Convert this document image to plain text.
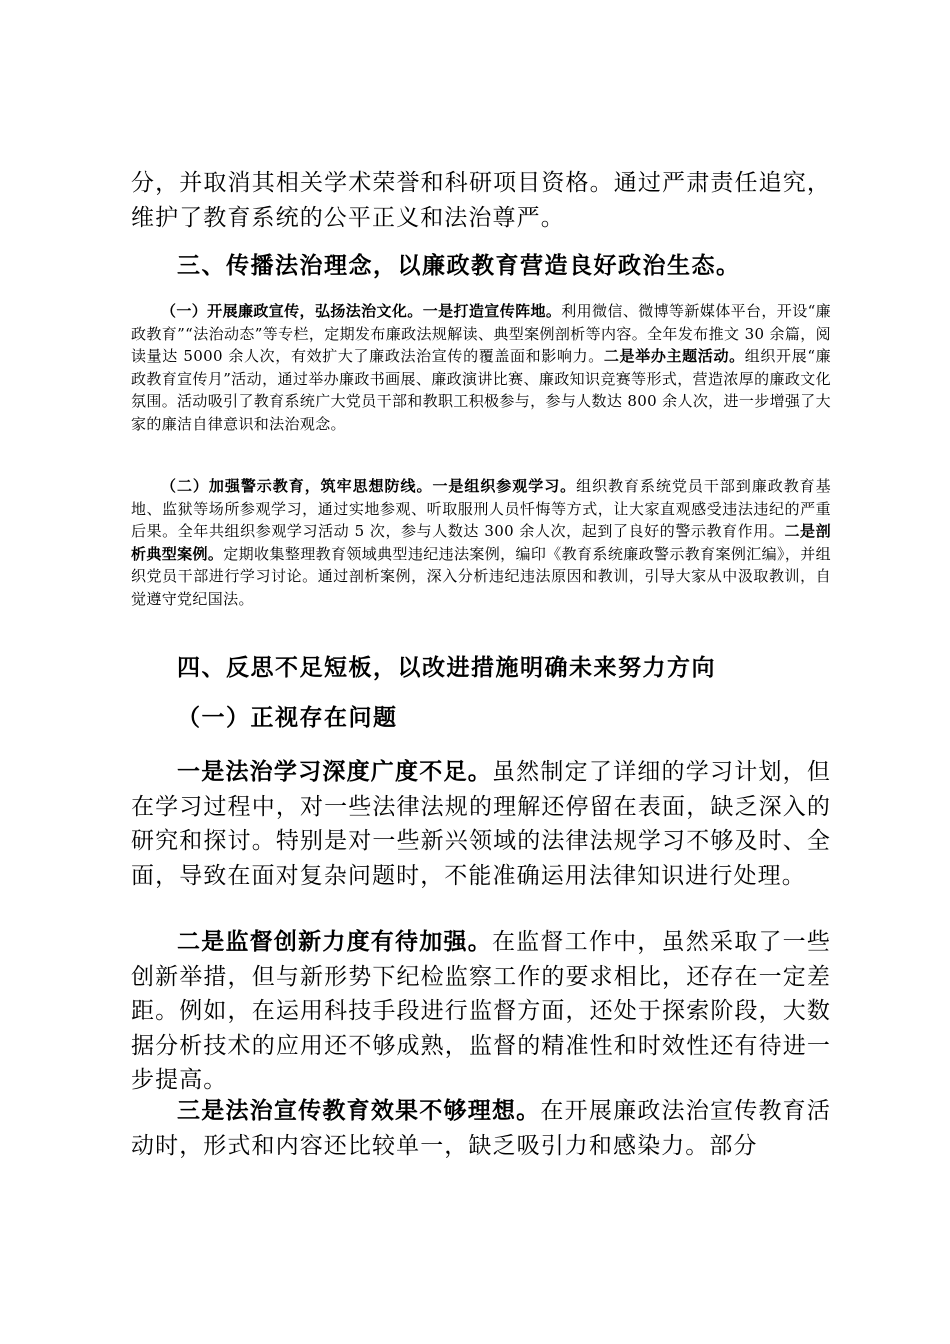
分，并取消其相关学术荣誉和科研项目资格。通过严肃责任追究，维护了教育系统的公平正义和法治尊严。

三、传播法治理念，以廉政教育营造良好政治生态。

（一）开展廉政宣传，弘扬法治文化。一是打造宣传阵地。利用微信、微博等新媒体平台，开设“廉政教育”“法治动态”等专栏，定期发布廉政法规解读、典型案例剖析等内容。全年发布推文 30 余篇，阅读量达 5000 余人次，有效扩大了廉政法治宣传的覆盖面和影响力。二是举办主题活动。组织开展“廉政教育宣传月”活动，通过举办廉政书画展、廉政演讲比赛、廉政知识竞赛等形式，营造浓厚的廉政文化氛围。活动吸引了教育系统广大党员干部和教职工积极参与，参与人数达 800 余人次，进一步增强了大家的廉洁自律意识和法治观念。

（二）加强警示教育，筑牢思想防线。一是组织参观学习。组织教育系统党员干部到廉政教育基地、监狱等场所参观学习，通过实地参观、听取服刑人员忏悔等方式，让大家直观感受违法违纪的严重后果。全年共组织参观学习活动 5 次，参与人数达 300 余人次，起到了良好的警示教育作用。二是剖析典型案例。定期收集整理教育领域典型违纪违法案例，编印《教育系统廉政警示教育案例汇编》，并组织党员干部进行学习讨论。通过剖析案例，深入分析违纪违法原因和教训，引导大家从中汲取教训，自觉遵守党纪国法。

四、反思不足短板，以改进措施明确未来努力方向

（一）正视存在问题

一是法治学习深度广度不足。虽然制定了详细的学习计划，但在学习过程中，对一些法律法规的理解还停留在表面，缺乏深入的研究和探讨。特别是对一些新兴领域的法律法规学习不够及时、全面，导致在面对复杂问题时，不能准确运用法律知识进行处理。

二是监督创新力度有待加强。在监督工作中，虽然采取了一些创新举措，但与新形势下纪检监察工作的要求相比，还存在一定差距。例如，在运用科技手段进行监督方面，还处于探索阶段，大数据分析技术的应用还不够成熟，监督的精准性和时效性还有待进一步提高。

三是法治宣传教育效果不够理想。在开展廉政法治宣传教育活动时，形式和内容还比较单一，缺乏吸引力和感染力。部分
